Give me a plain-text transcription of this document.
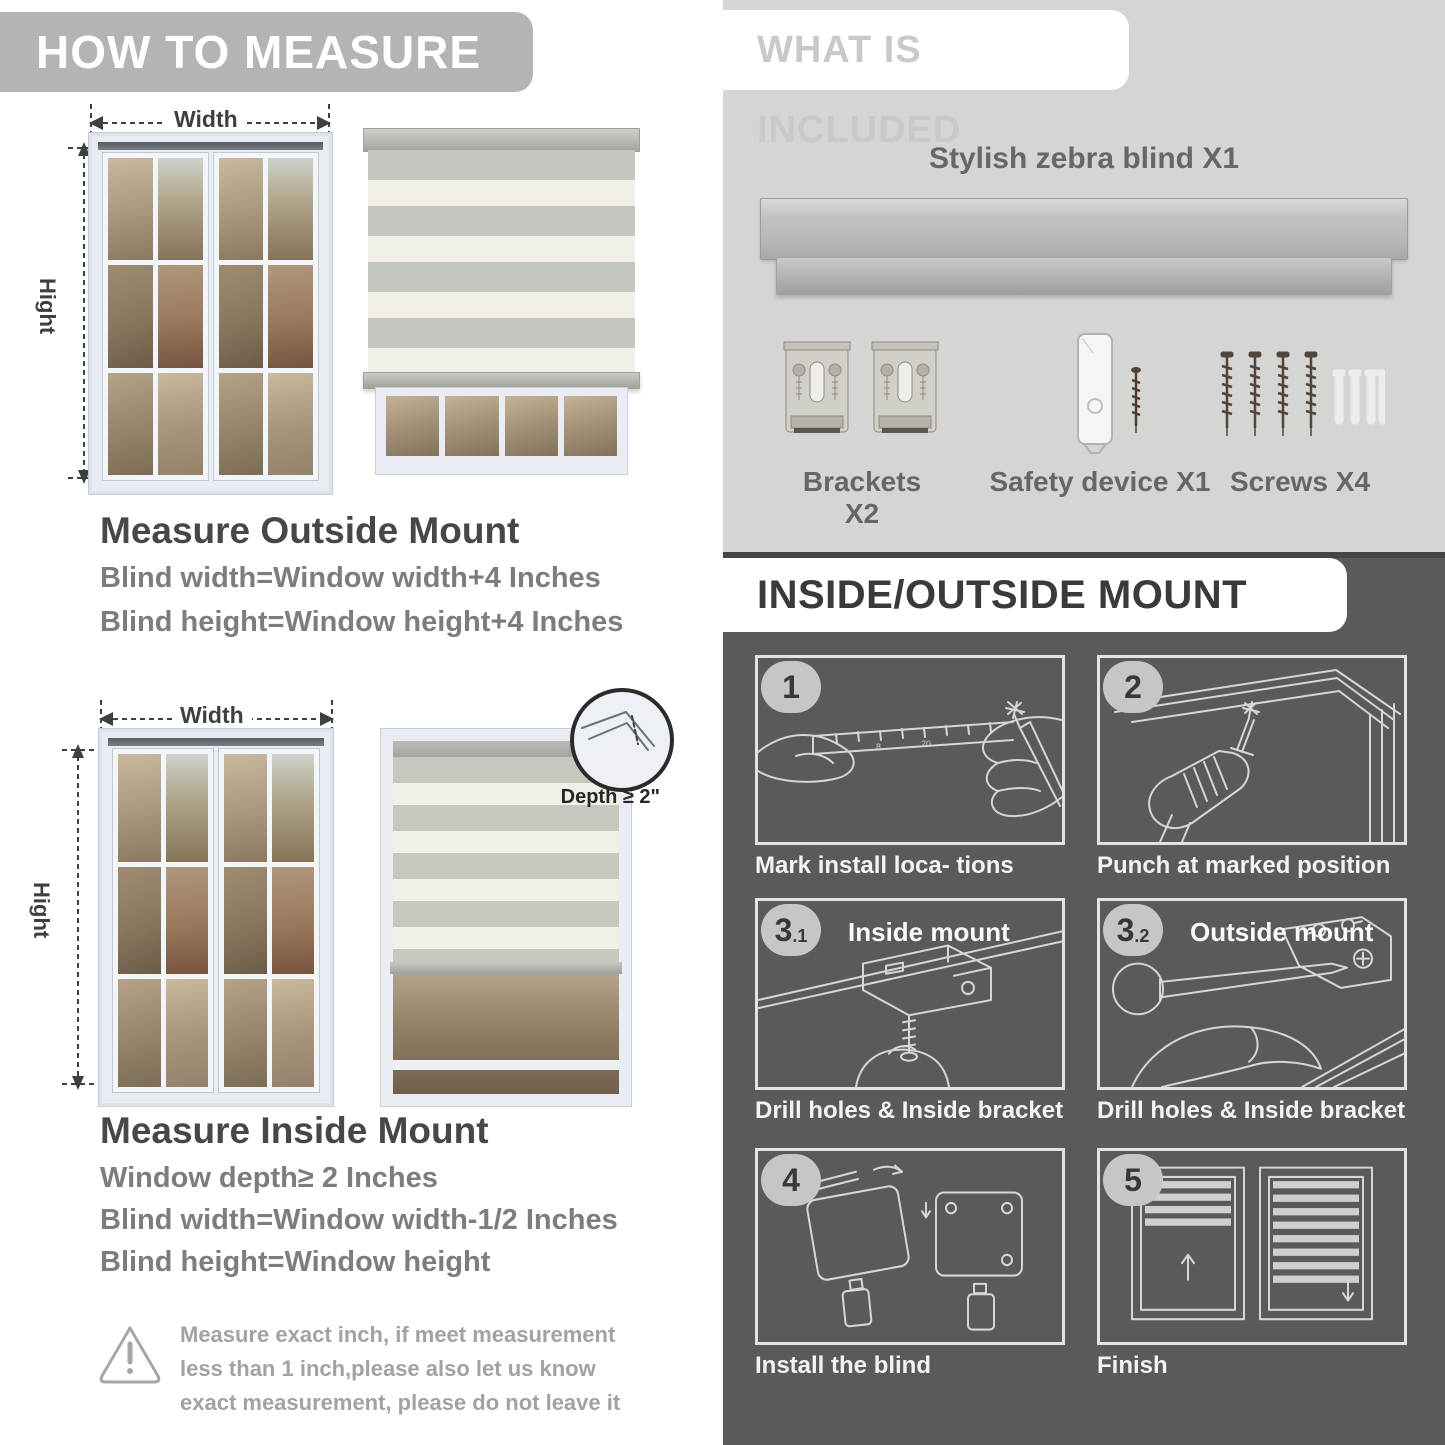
HOW TO MEASURE
Width
Hight
Measure Outside Mount
Blind width=Window width+4 Inches
Blind height=Window height+4 Inches
Width
Hight
Depth ≥ 2"
Measure Inside Mount
Window depth≥ 2 Inches
Blind width=Window width-1/2 Inches
Blind height=Window height
Measure exact inch, if meet measurement less than 1 inch,please also let us know exact measurement, please do not leave it
WHAT IS INCLUDED
Stylish zebra blind X1
Brackets X2
Safety device X1 Screws X4
INSIDE/OUTSIDE MOUNT
8	20
1
Mark install loca- tions
2
Punch at marked position
3 .1 Inside mount
Drill holes & Inside bracket
3 .2 Outside mount
Drill holes & Inside bracket
4
Install the blind
5
Finish
